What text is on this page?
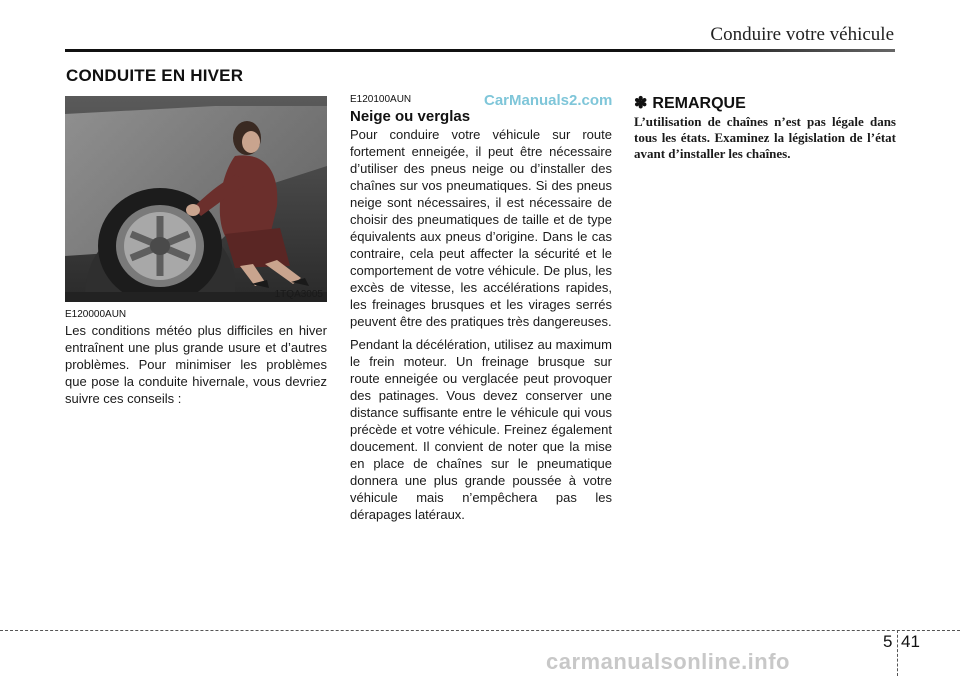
Conduire votre véhicule
CONDUITE EN HIVER
1TQA3005
E120000AUN

Les conditions météo plus difficiles en hiver entraînent une plus grande usure et d’autres problèmes. Pour minimiser les problèmes que pose la conduite hivernale, vous devriez suivre ces conseils :

E120100AUN	CarManuals2.com
Neige ou verglas

Pour conduire votre véhicule sur route fortement enneigée, il peut être nécessaire d’utiliser des pneus neige ou d’installer des chaînes sur vos pneumatiques. Si des pneus neige sont nécessaires, il est nécessaire de choisir des pneumatiques de taille et de type équivalents aux pneus d’origine. Dans le cas contraire, cela peut affecter la sécurité et le comportement de votre véhicule. De plus, les excès de vitesse, les accélérations rapides, les freinages brusques et les virages serrés peuvent être des pratiques très dangereuses.

Pendant la décélération, utilisez au maximum le frein moteur. Un freinage brusque sur route enneigée ou verglacée peut provoquer des patinages. Vous devez conserver une distance suffisante entre le véhicule qui vous précède et votre véhicule. Freinez également doucement. Il convient de noter que la mise en place de chaînes sur le pneumatique donnera une plus grande poussée à votre véhicule mais n’empêchera pas les dérapages latéraux.

✽ REMARQUE
L’utilisation de chaînes n’est pas légale dans tous les états. Examinez la législation de l’état avant d’installer les chaînes.
5 41
carmanualsonline.info
